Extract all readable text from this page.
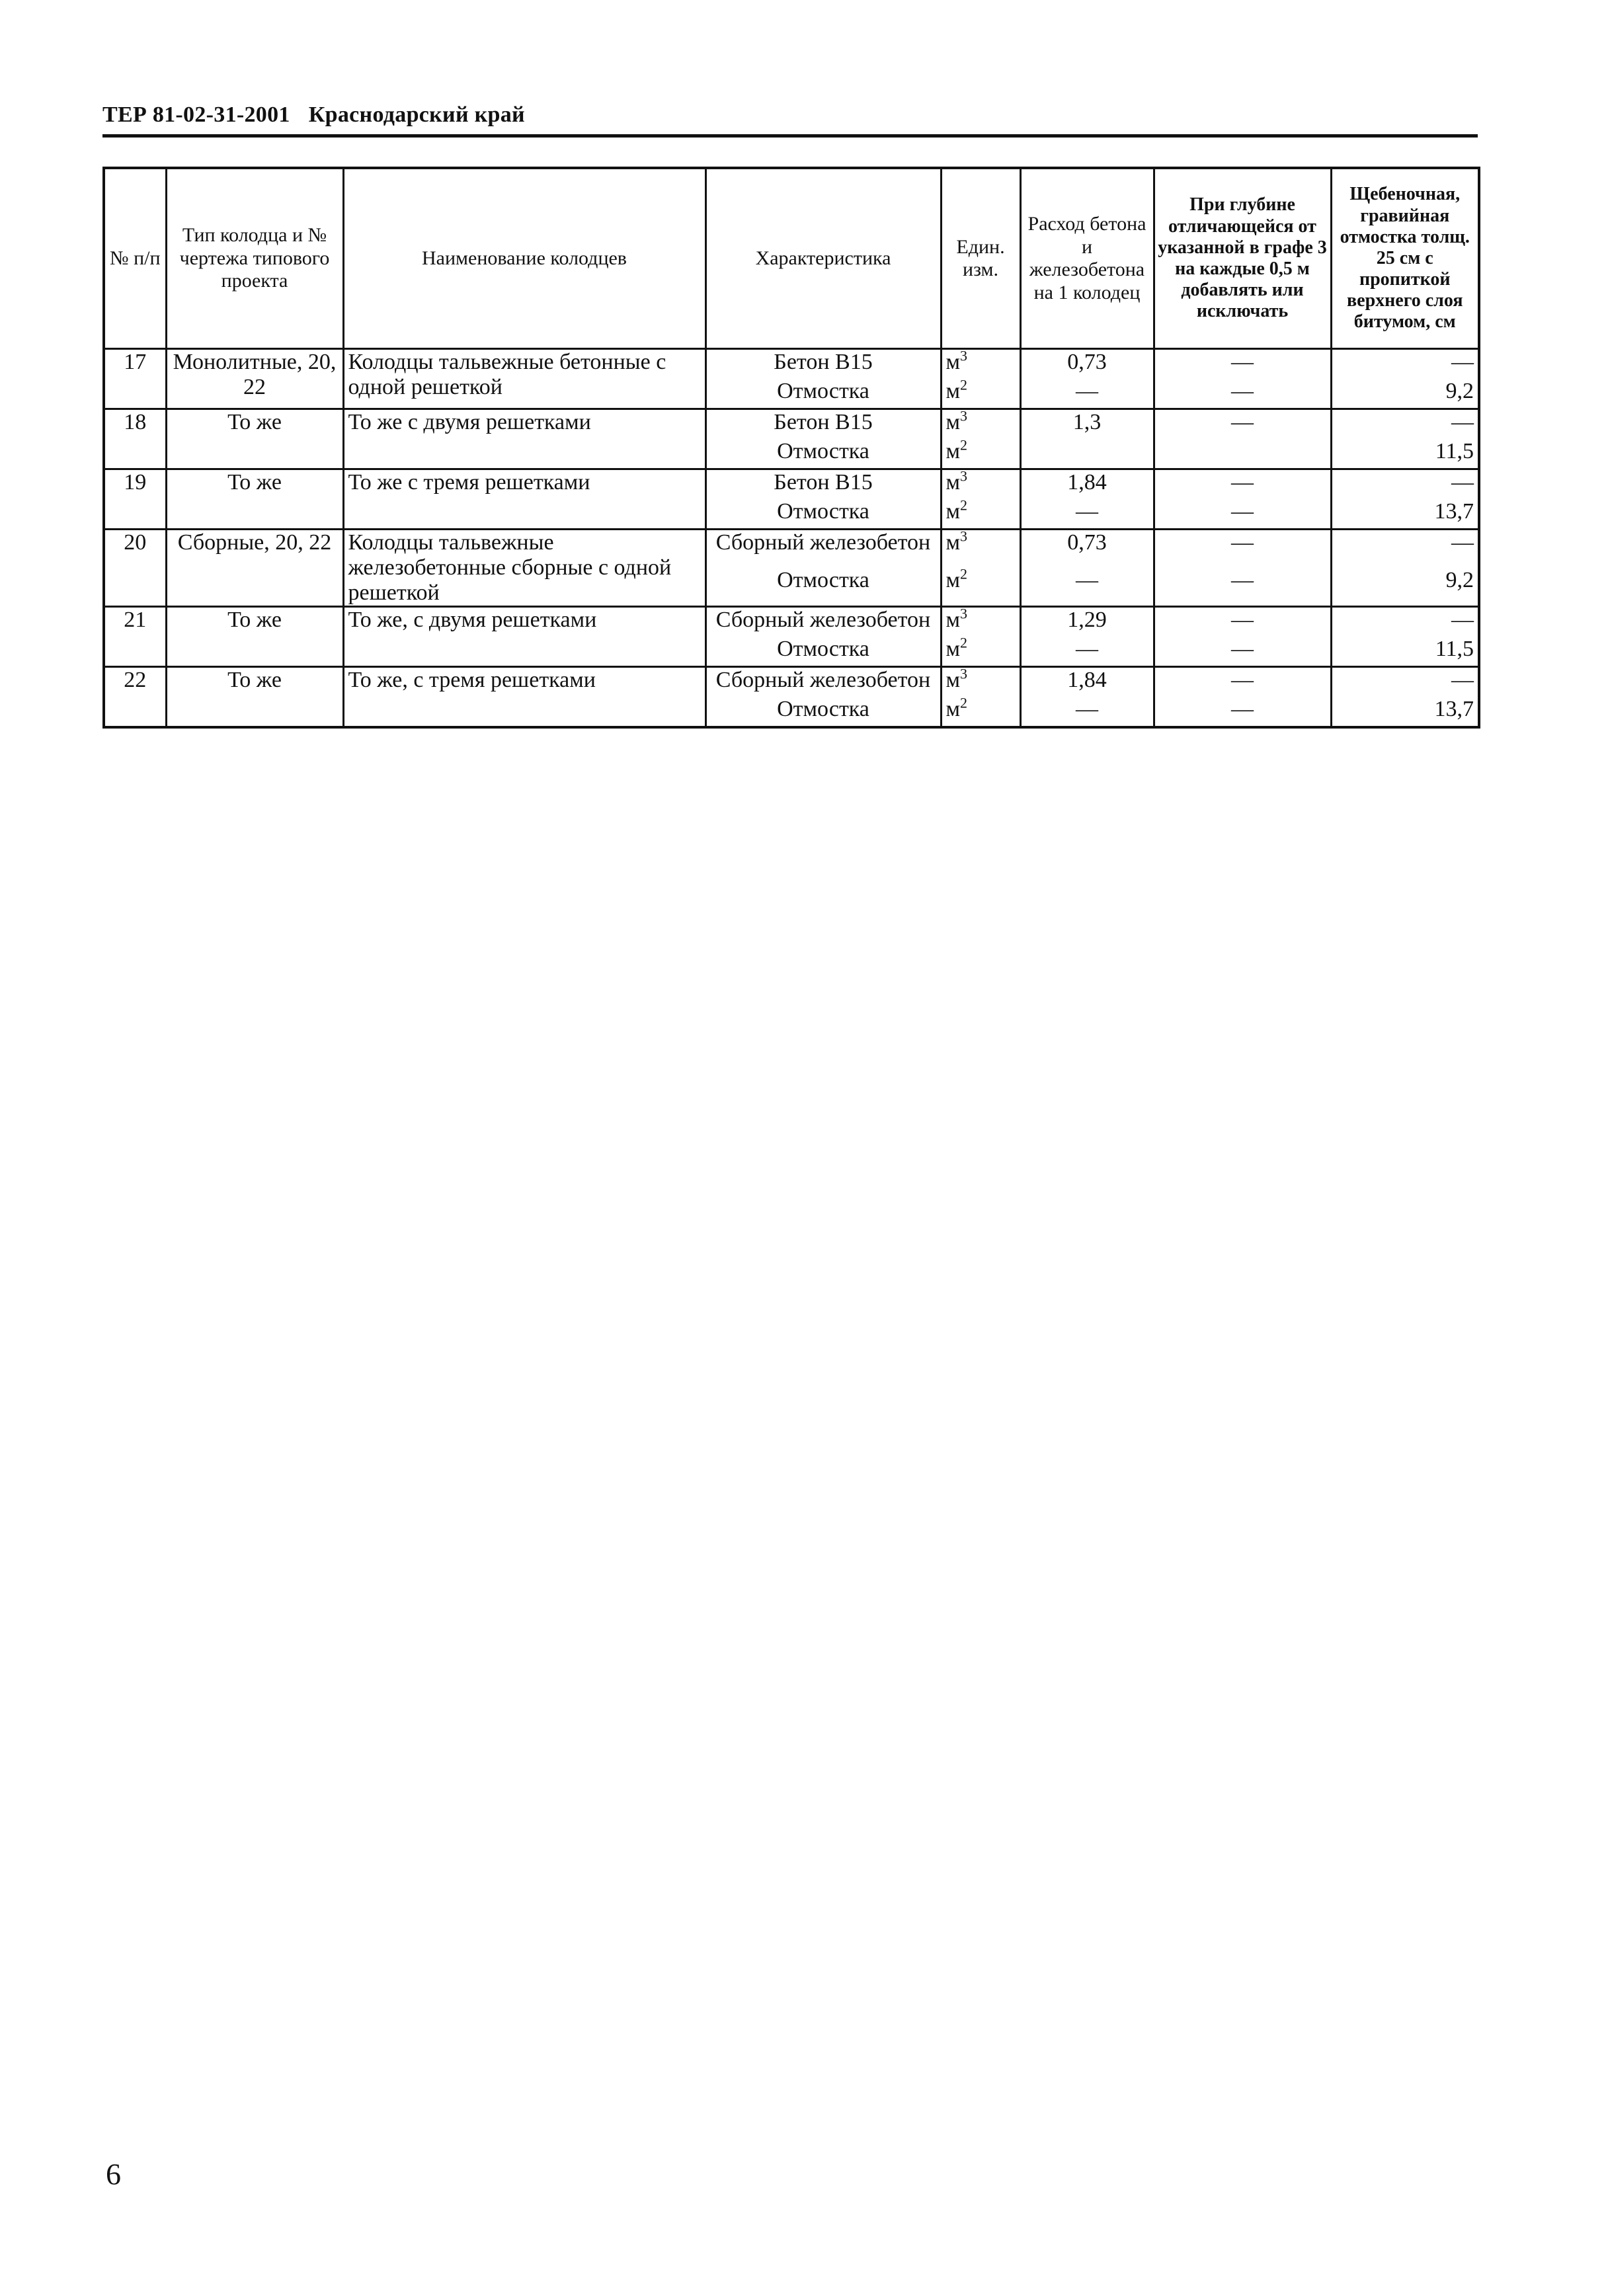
ТЕР 81-02-31-2001 Краснодарский край
№ п/п	Тип колодца и № чертежа типового проекта	Наименование колодцев	Характеристика	Един. изм.	Расход бетона и железобетона на 1 колодец	При глубине отличающейся от указанной в графе 3 на каждые 0,5 м добавлять или исключать	Щебеночная, гравийная отмостка толщ. 25 см с пропиткой верхнего слоя битумом, см
17	Монолитные, 20, 22	Колодцы тальвежные бетонные с одной решеткой	Бетон В15	$м^3$	0,73	—	—
			Отмостка	$м^2$	—	—	9,2
18	То же	То же с двумя решетками	Бетон В15	$м^3$	1,3	—	—
			Отмостка	$м^2$			11,5
19	То же	То же с тремя решетками	Бетон В15	$м^3$	1,84	—	—
			Отмостка	$м^2$	—	—	13,7
20	Сборные, 20, 22	Колодцы тальвежные железобетонные сборные с одной решеткой	Сборный железобетон	$м^3$	0,73	—	—
			Отмостка	$м^2$	—	—	9,2
21	То же	То же, с двумя решетками	Сборный железобетон	$м^3$	1,29	—	—
			Отмостка	$м^2$	—	—	11,5
22	То же	То же, с тремя решетками	Сборный железобетон	$м^3$	1,84	—	—
			Отмостка	$м^2$	—	—	13,7
6
